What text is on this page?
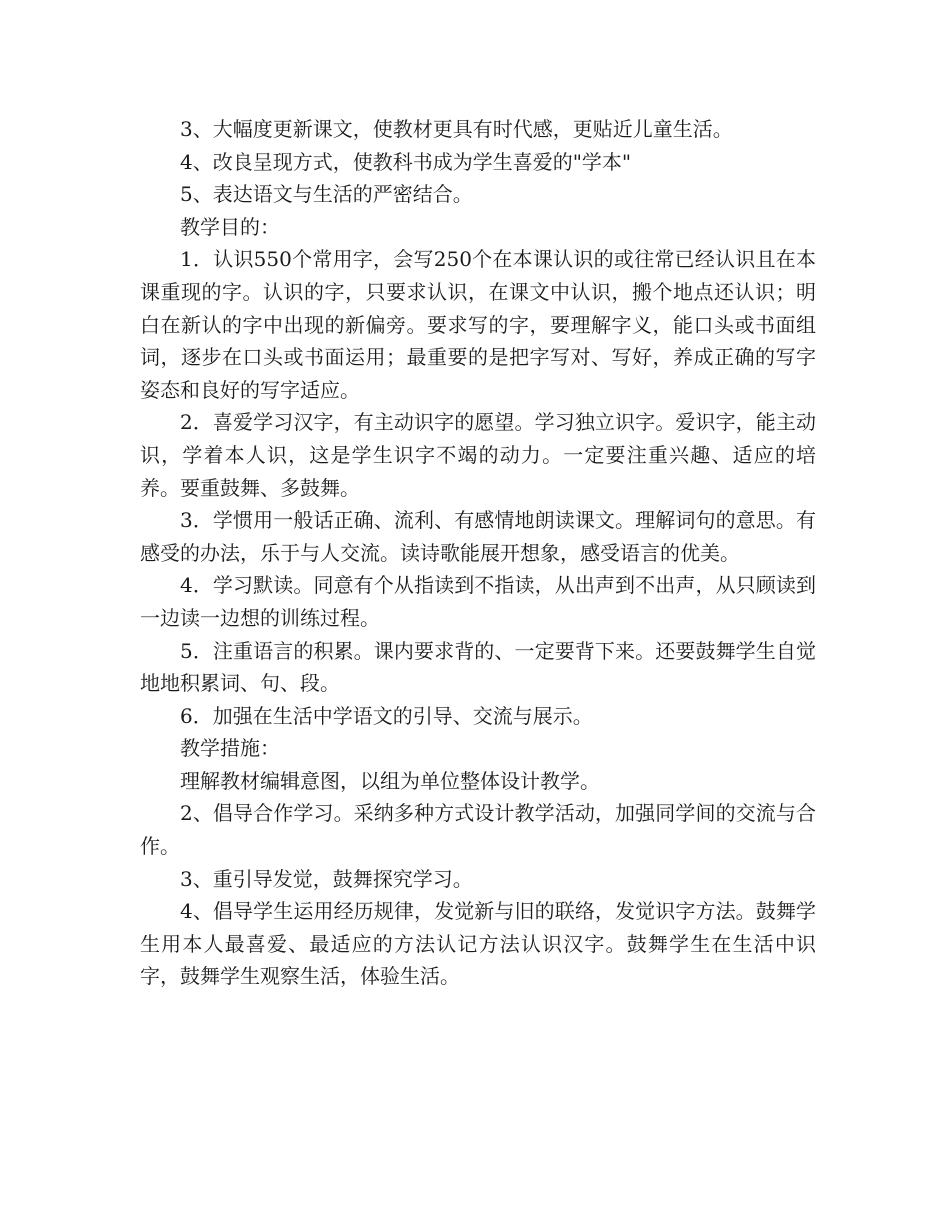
3、大幅度更新课文，使教材更具有时代感，更贴近儿童生活。

4、改良呈现方式，使教科书成为学生喜爱的"学本"

5、表达语文与生活的严密结合。

教学目的：

1．认识550个常用字，会写250个在本课认识的或往常已经认识且在本课重现的字。认识的字，只要求认识，在课文中认识，搬个地点还认识；明白在新认的字中出现的新偏旁。要求写的字，要理解字义，能口头或书面组词，逐步在口头或书面运用；最重要的是把字写对、写好，养成正确的写字姿态和良好的写字适应。

2．喜爱学习汉字，有主动识字的愿望。学习独立识字。爱识字，能主动识，学着本人识，这是学生识字不竭的动力。一定要注重兴趣、适应的培养。要重鼓舞、多鼓舞。

3．学惯用一般话正确、流利、有感情地朗读课文。理解词句的意思。有感受的办法，乐于与人交流。读诗歌能展开想象，感受语言的优美。

4．学习默读。同意有个从指读到不指读，从出声到不出声，从只顾读到一边读一边想的训练过程。

5．注重语言的积累。课内要求背的、一定要背下来。还要鼓舞学生自觉地地积累词、句、段。

6．加强在生活中学语文的引导、交流与展示。

教学措施：

理解教材编辑意图，以组为单位整体设计教学。

2、倡导合作学习。采纳多种方式设计教学活动，加强同学间的交流与合作。

3、重引导发觉，鼓舞探究学习。

4、倡导学生运用经历规律，发觉新与旧的联络，发觉识字方法。鼓舞学生用本人最喜爱、最适应的方法认记方法认识汉字。鼓舞学生在生活中识字，鼓舞学生观察生活，体验生活。
